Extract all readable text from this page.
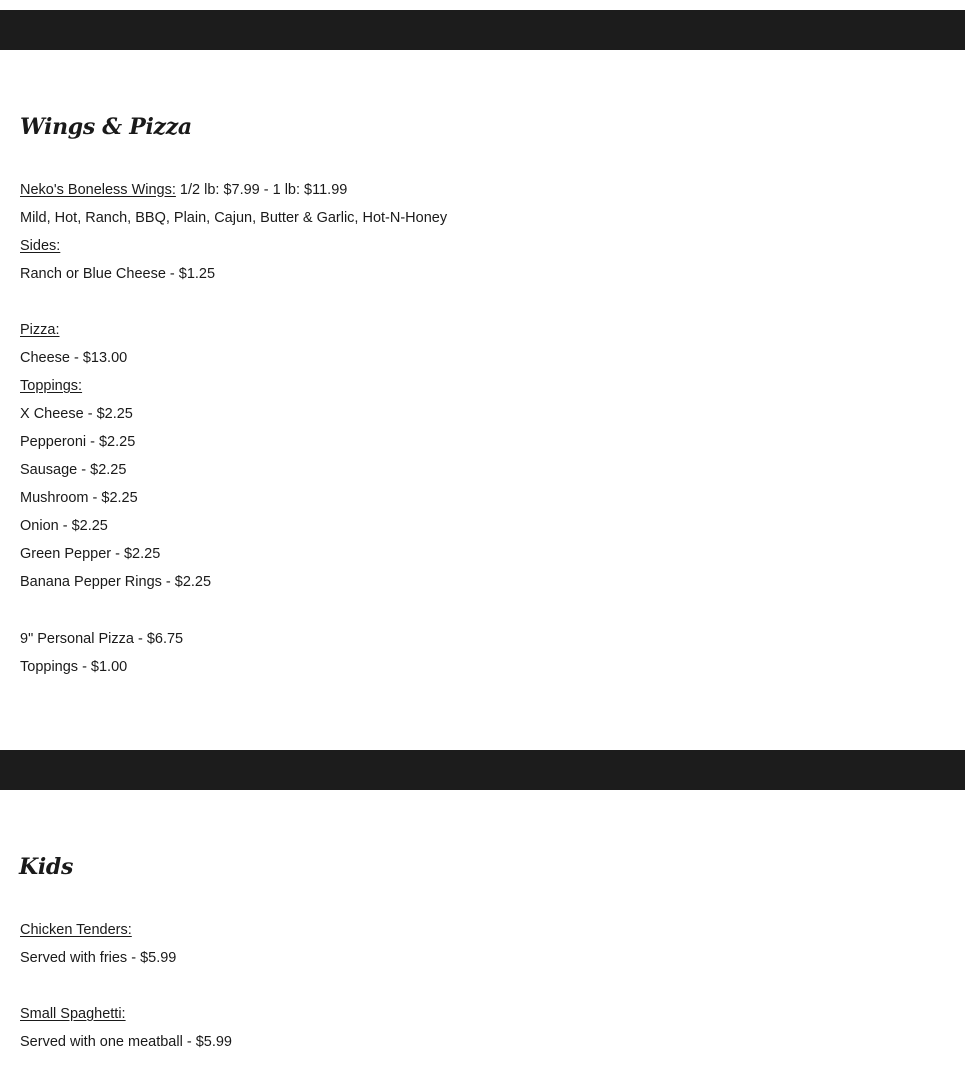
Wings & Pizza
Neko's Boneless Wings: 1/2 lb: $7.99 - 1 lb: $11.99
Mild, Hot, Ranch, BBQ, Plain, Cajun, Butter & Garlic, Hot-N-Honey
Sides:
Ranch or Blue Cheese - $1.25
Pizza:
Cheese - $13.00
Toppings:
X Cheese - $2.25
Pepperoni - $2.25
Sausage - $2.25
Mushroom - $2.25
Onion - $2.25
Green Pepper - $2.25
Banana Pepper Rings - $2.25
9" Personal Pizza - $6.75
Toppings - $1.00
Kids
Chicken Tenders:
Served with fries - $5.99
Small Spaghetti:
Served with one meatball - $5.99
